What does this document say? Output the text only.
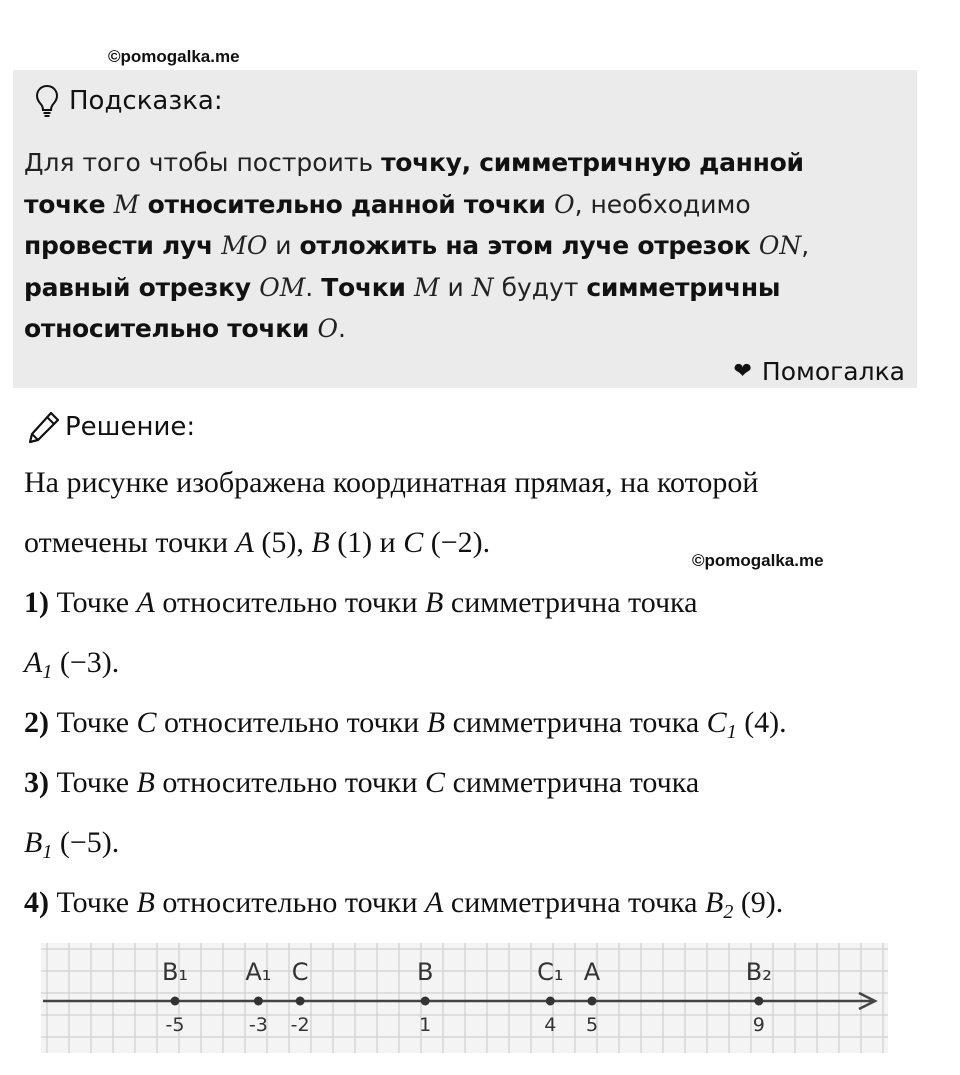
©pomogalka.me
Подсказка:
Для того чтобы построить точку, симметричную данной
точке M относительно данной точки O, необходимо
провести луч MO и отложить на этом луче отрезок ON,
равный отрезку OM. Точки M и N будут симметричны
относительно точки O.
❤ Помогалка
Решение:
На рисунке изображена координатная прямая, на которой
отмечены точки A (5), B (1) и C (−2).
1) Точке A относительно точки B симметрична точка
$A_1$ (−3).
2) Точке C относительно точки B симметрична точка $C_1$ (4).
3) Точке B относительно точки C симметрична точка
$B_1$ (−5).
4) Точке B относительно точки A симметрична точка $B_2$ (9).
©pomogalka.me
B₁
-5
A₁
-3
C
-2
B
1
C₁
4
A
5
B₂
9
